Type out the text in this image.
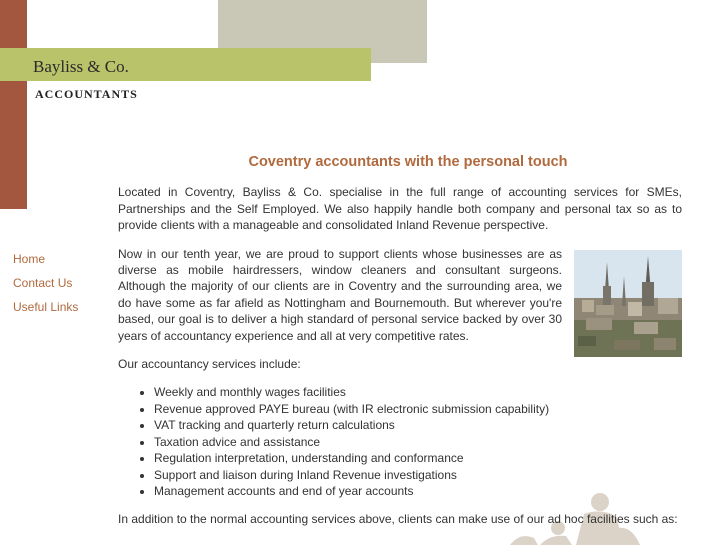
Bayliss & Co.
ACCOUNTANTS
Home
Contact Us
Useful Links
Coventry accountants with the personal touch

Located in Coventry, Bayliss & Co. specialise in the full range of accounting services for SMEs, Partnerships and the Self Employed. We also happily handle both company and personal tax so as to provide clients with a manageable and consolidated Inland Revenue perspective.

Now in our tenth year, we are proud to support clients whose businesses are as diverse as mobile hairdressers, window cleaners and consultant surgeons. Although the majority of our clients are in Coventry and the surrounding area, we do have some as far afield as Nottingham and Bournemouth. But wherever you're based, our goal is to deliver a high standard of personal service backed by over 30 years of accountancy experience and all at very competitive rates.

Our accountancy services include:

• Weekly and monthly wages facilities
• Revenue approved PAYE bureau (with IR electronic submission capability)
• VAT tracking and quarterly return calculations
• Taxation advice and assistance
• Regulation interpretation, understanding and conformance
• Support and liaison during Inland Revenue investigations
• Management accounts and end of year accounts

In addition to the normal accounting services above, clients can make use of our ad hoc facilities such as:
